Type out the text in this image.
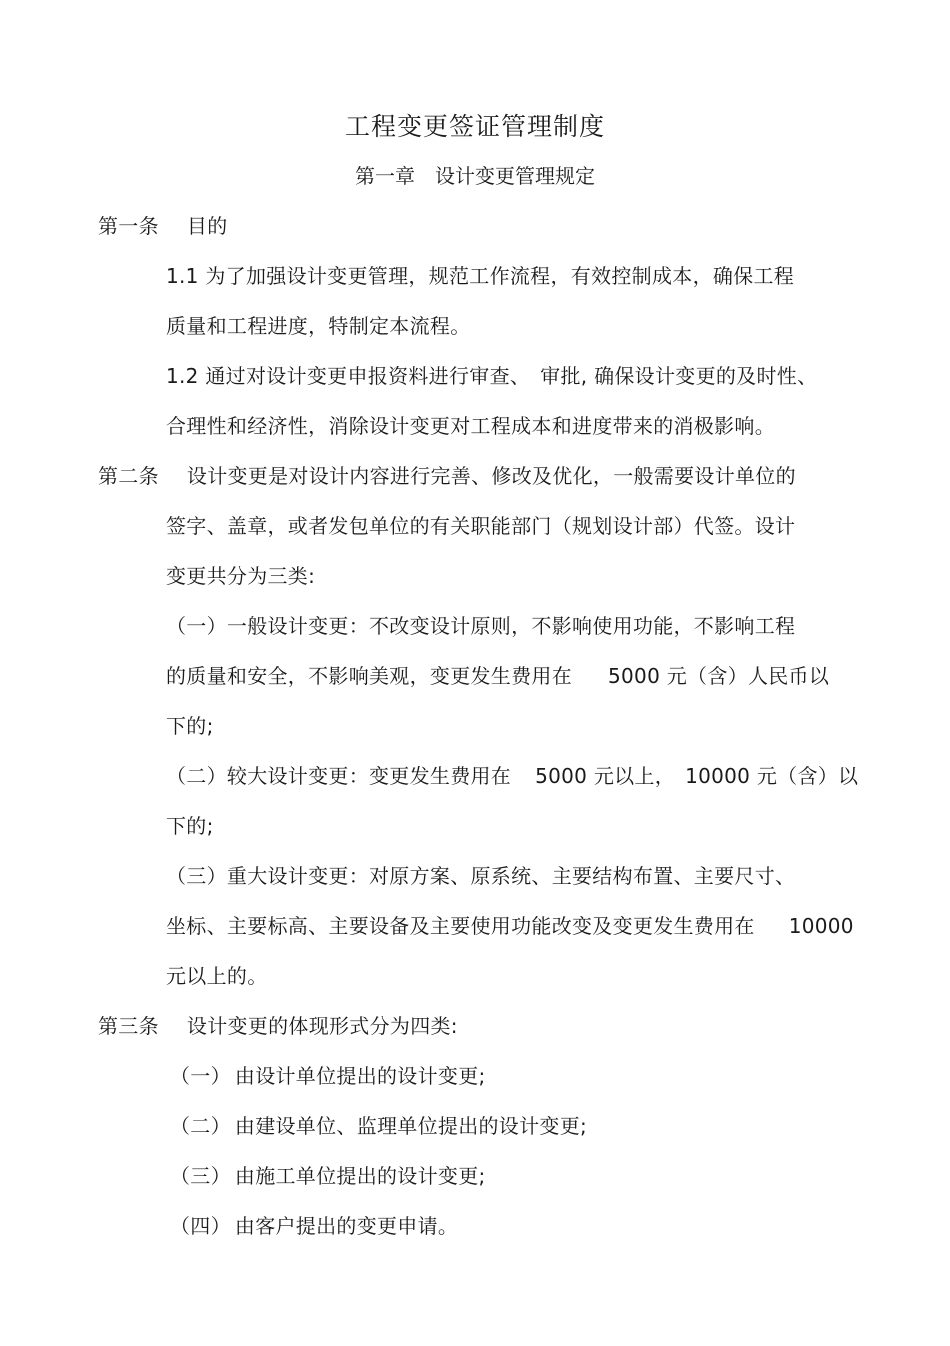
工程变更签证管理制度
第一章 设计变更管理规定
第一条 目的
1.1 为了加强设计变更管理，规范工作流程，有效控制成本，确保工程
质量和工程进度，特制定本流程。
1.2 通过对设计变更申报资料进行审查、 审批, 确保设计变更的及时性、
合理性和经济性，消除设计变更对工程成本和进度带来的消极影响。
第二条 设计变更是对设计内容进行完善、修改及优化，一般需要设计单位的
签字、盖章，或者发包单位的有关职能部门（规划设计部）代签。设计
变更共分为三类:
（一）一般设计变更：不改变设计原则，不影响使用功能，不影响工程
的质量和安全，不影响美观，变更发生费用在 5000 元（含）人民币以
下的;
（二）较大设计变更：变更发生费用在 5000 元以上， 10000 元（含）以
下的;
（三）重大设计变更：对原方案、原系统、主要结构布置、主要尺寸、
坐标、主要标高、主要设备及主要使用功能改变及变更发生费用在 10000
元以上的。
第三条 设计变更的体现形式分为四类:
（一） 由设计单位提出的设计变更;
（二） 由建设单位、监理单位提出的设计变更;
（三） 由施工单位提出的设计变更;
（四） 由客户提出的变更申请。
